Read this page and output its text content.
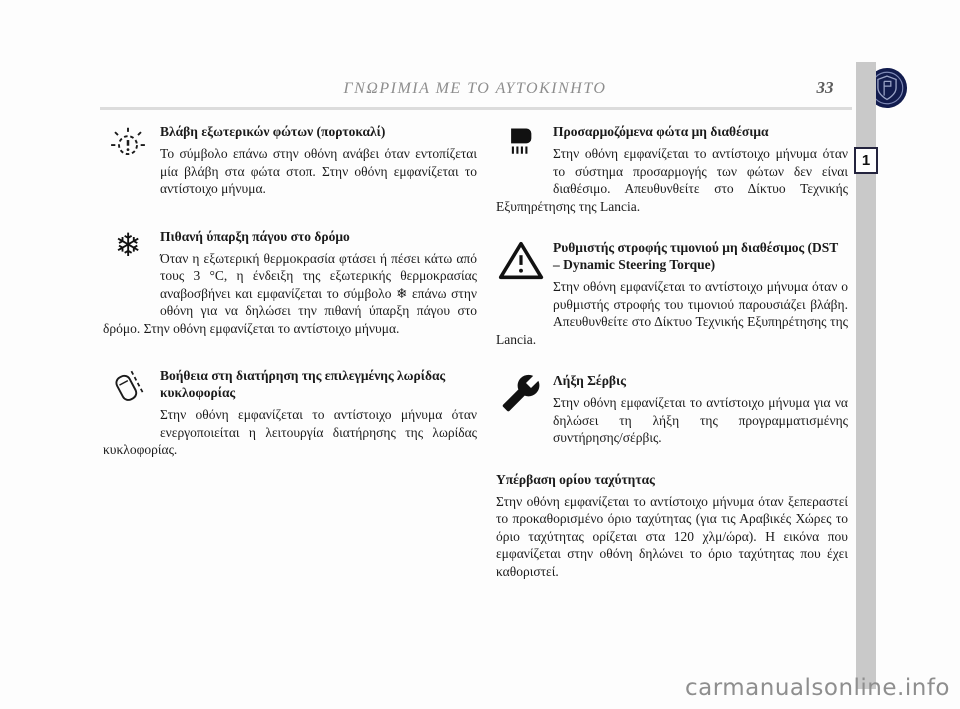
ΓΝΩΡΙΜΙΑ ΜΕ ΤΟ ΑΥΤΟΚΙΝΗΤΟ	33
1
Βλάβη εξωτερικών φώτων (πορτοκαλί)

Το σύμβολο επάνω στην οθόνη ανάβει όταν εντοπίζεται μία βλάβη στα φώτα στοπ. Στην οθόνη εμφανίζεται το αντίστοιχο μήνυμα.

❄	Πιθανή ύπαρξη πάγου στο δρόμο

Όταν η εξωτερική θερμοκρασία φτάσει ή πέσει κάτω από τους 3 °C, η ένδειξη της εξωτερικής θερμοκρασίας αναβοσβήνει και εμφανίζεται το σύμβολο ❄ επάνω στην οθόνη για να δηλώσει την πιθανή ύπαρξη πάγου στο δρόμο. Στην οθόνη εμφανίζεται το αντίστοιχο μήνυμα.

Βοήθεια στη διατήρηση της επιλεγμένης λωρίδας κυκλοφορίας

Στην οθόνη εμφανίζεται το αντίστοιχο μήνυμα όταν ενεργοποιείται η λειτουργία διατήρησης της λωρίδας κυκλοφορίας.

Προσαρμοζόμενα φώτα μη διαθέσιμα

Στην οθόνη εμφανίζεται το αντίστοιχο μήνυμα όταν το σύστημα προσαρμογής των φώτων δεν είναι διαθέσιμο. Απευθυνθείτε στο Δίκτυο Τεχνικής Εξυπηρέτησης της Lancia.

Ρυθμιστής στροφής τιμονιού μη διαθέσιμος (DST – Dynamic Steering Torque)

Στην οθόνη εμφανίζεται το αντίστοιχο μήνυμα όταν ο ρυθμιστής στροφής του τιμονιού παρουσιάζει βλάβη. Απευθυνθείτε στο Δίκτυο Τεχνικής Εξυπηρέτησης της Lancia.

Λήξη Σέρβις

Στην οθόνη εμφανίζεται το αντίστοιχο μήνυμα για να δηλώσει τη λήξη της προγραμματισμένης συντήρησης/σέρβις.

Υπέρβαση ορίου ταχύτητας

Στην οθόνη εμφανίζεται το αντίστοιχο μήνυμα όταν ξεπεραστεί το προκαθορισμένο όριο ταχύτητας (για τις Αραβικές Χώρες το όριο ταχύτητας ορίζεται στα 120 χλμ/ώρα). Η εικόνα που εμφανίζεται στην οθόνη δηλώνει το όριο ταχύτητας που έχει καθοριστεί.

carmanualsonline.info
